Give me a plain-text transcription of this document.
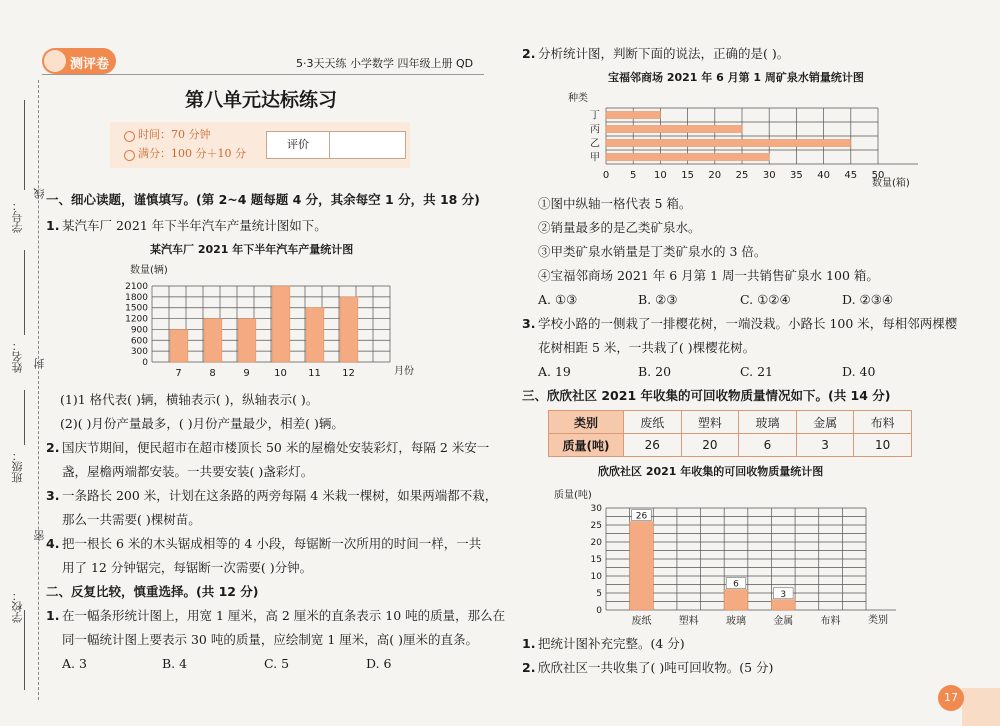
学号：
线
姓名： 封
班级：
密
学校：
测评卷	5·3天天练 小学数学 四年级上册 QD
第八单元达标练习
时间：70 分钟
满分：100 分＋10 分
评价
一、细心读题，谨慎填写。(第 2~4 题每题 4 分，其余每空 1 分，共 18 分)
1. 某汽车厂 2021 年下半年汽车产量统计图如下。
某汽车厂 2021 年下半年汽车产量统计图
数量(辆)
0
300
600
900
1200
1500
1800
2100
7	8	9 10 11 12	月份
(1)1 格代表( )辆，横轴表示( )，纵轴表示( )。
(2)( )月份产量最多，( )月份产量最少，相差( )辆。
2. 国庆节期间，便民超市在超市楼顶长 50 米的屋檐处安装彩灯，每隔 2 米安一
盏，屋檐两端都安装。一共要安装( )盏彩灯。
3. 一条路长 200 米，计划在这条路的两旁每隔 4 米栽一棵树，如果两端都不栽，
那么一共需要( )棵树苗。
4. 把一根长 6 米的木头锯成相等的 4 小段，每锯断一次所用的时间一样，一共
用了 12 分钟锯完，每锯断一次需要( )分钟。
二、反复比较，慎重选择。(共 12 分)
1. 在一幅条形统计图上，用宽 1 厘米，高 2 厘米的直条表示 10 吨的质量，那么在
同一幅统计图上要表示 30 吨的质量，应绘制宽 1 厘米，高( )厘米的直条。
A. 3	B. 4	C. 5	D. 6
2. 分析统计图，判断下面的说法，正确的是( )。
宝福邻商场 2021 年 6 月第 1 周矿泉水销量统计图
种类
0 5 10 15 20 25 30 35 40 45 50
甲
乙
丙
丁
数量(箱)
①图中纵轴一格代表 5 箱。
②销量最多的是乙类矿泉水。
③甲类矿泉水销量是丁类矿泉水的 3 倍。
④宝福邻商场 2021 年 6 月第 1 周一共销售矿泉水 100 箱。
A. ①③	B. ②③	C. ①②④	D. ②③④
3. 学校小路的一侧栽了一排樱花树，一端没栽。小路长 100 米，每相邻两棵樱
花树相距 5 米，一共栽了( )棵樱花树。
A. 19	B. 20	C. 21	D. 40
三、欣欣社区 2021 年收集的可回收物质量情况如下。(共 14 分)
类别	废纸	塑料	玻璃	金属	布料
质量(吨)	26	20	6	3	10
欣欣社区 2021 年收集的可回收物质量统计图
质量(吨)
0
5
10
15
20
25
30
26
废纸	塑料
6
玻璃
3
金属	布料	类别
1. 把统计图补充完整。(4 分)
2. 欣欣社区一共收集了( )吨可回收物。(5 分)
17
